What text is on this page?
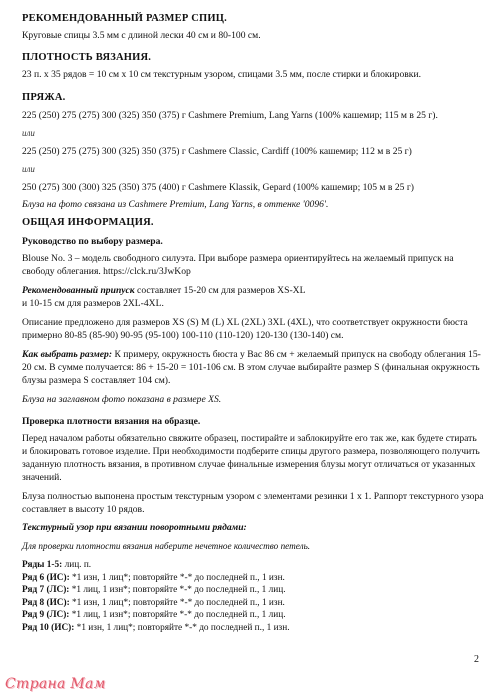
РЕКОМЕНДОВАННЫЙ РАЗМЕР СПИЦ.

Круговые спицы 3.5 мм с длиной лески 40 см и 80-100 см.

ПЛОТНОСТЬ ВЯЗАНИЯ.

23 п. х 35 рядов = 10 см х 10 см текстурным узором, спицами 3.5 мм, после стирки и блокировки.

ПРЯЖА.

225 (250) 275 (275) 300 (325) 350 (375) г Cashmere Premium, Lang Yarns (100% кашемир; 115 м в 25 г).

или

225 (250) 275 (275) 300 (325) 350 (375) г Cashmere Classic, Cardiff (100% кашемир; 112 м в 25 г)

или

250 (275) 300 (300) 325 (350) 375 (400) г Cashmere Klassik, Gepard (100% кашемир; 105 м в 25 г)

Блуза на фото связана из Cashmere Premium, Lang Yarns, в оттенке '0096'.

ОБЩАЯ ИНФОРМАЦИЯ.

Руководство по выбору размера.

Blouse No. 3 – модель свободного силуэта. При выборе размера ориентируйтесь на желаемый припуск на свободу облегания. https://clck.ru/3JwKop

Рекомендованный припуск составляет 15-20 см для размеров XS-XL
и 10-15 см для размеров 2XL-4XL.

Описание предложено для размеров XS (S) M (L) XL (2XL) 3XL (4XL), что соответствует окружности бюста примерно 80-85 (85-90) 90-95 (95-100) 100-110 (110-120) 120-130 (130-140) см.

Как выбрать размер: К примеру, окружность бюста у Вас 86 см + желаемый припуск на свободу облегания 15-20 см. В сумме получается: 86 + 15-20 = 101-106 см. В этом случае выбирайте размер S (финальная окружность блузы размера S составляет 104 см).

Блуза на заглавном фото показана в размере XS.

Проверка плотности вязания на образце.

Перед началом работы обязательно свяжите образец, постирайте и заблокируйте его так же, как будете стирать и блокировать готовое изделие. При необходимости подберите спицы другого размера, позволяющего получить заданную плотность вязания, в противном случае финальные измерения блузы могут отличаться от указанных значений.

Блуза полностью выпонена простым текстурным узором с элементами резинки 1 х 1. Раппорт текстурного узора составляет в высоту 10 рядов.

Текстурный узор при вязании поворотными рядами:

Для проверки плотности вязания наберите нечетное количество петель.

Ряды 1-5: лиц. п.
Ряд 6 (ИС): *1 изн, 1 лиц*; повторяйте *-* до последней п., 1 изн.
Ряд 7 (ЛС): *1 лиц, 1 изн*; повторяйте *-* до последней п., 1 лиц.
Ряд 8 (ИС): *1 изн, 1 лиц*; повторяйте *-* до последней п., 1 изн.
Ряд 9 (ЛС): *1 лиц, 1 изн*; повторяйте *-* до последней п., 1 лиц.
Ряд 10 (ИС): *1 изн, 1 лиц*; повторяйте *-* до последней п., 1 изн.
2
Страна Мам
